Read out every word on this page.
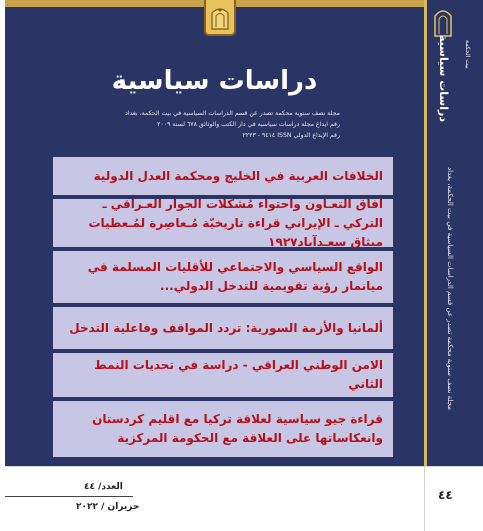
دراسات سياسية
مجلة نصف سنوية محكمة تصدر عن قسم الدراسات السياسية في بيت الحكمة، بغداد
رقم ايداع مجلة دراسات سياسية في دار الكتب والوثائق ٦٧٨ لسنة ٢٠٠٩
رقم الإيداع الدولي ISSN ٩٤١٤ - ٢٢٢٣
الخلافات العربية في الخليج ومحكمة العدل الدولية
آفاق التعـاون واحتواء مُشكلات الجوار العـراقي ـ التركي ـ الإيراني قراءة تاريخيّة مُـعاصِرة لمُـعطيات ميثاق سعـدآباد١٩٢٧
الواقع السياسي والاجتماعي للأقليات المسلمة في ميانمار رؤية تقويمية للتدخل الدولي...
ألمانيا والأزمة السورية: تردد المواقف وفاعلية التدخل
الامن الوطني العراقي - دراسة في تحديات النمط الثاني
قراءة جيو سياسية لعلاقة تركيا مع اقليم كردستان وانعكاساتها على العلاقة مع الحكومة المركزية
دراسات سياسية	بيت الحكمة
مجلة نصف سنوية محكمة تصدر عن قسم الدراسات السياسية في بيت الحكمة، بغداد
العدد/ ٤٤
حزيران / ٢٠٢٢
٤٤
